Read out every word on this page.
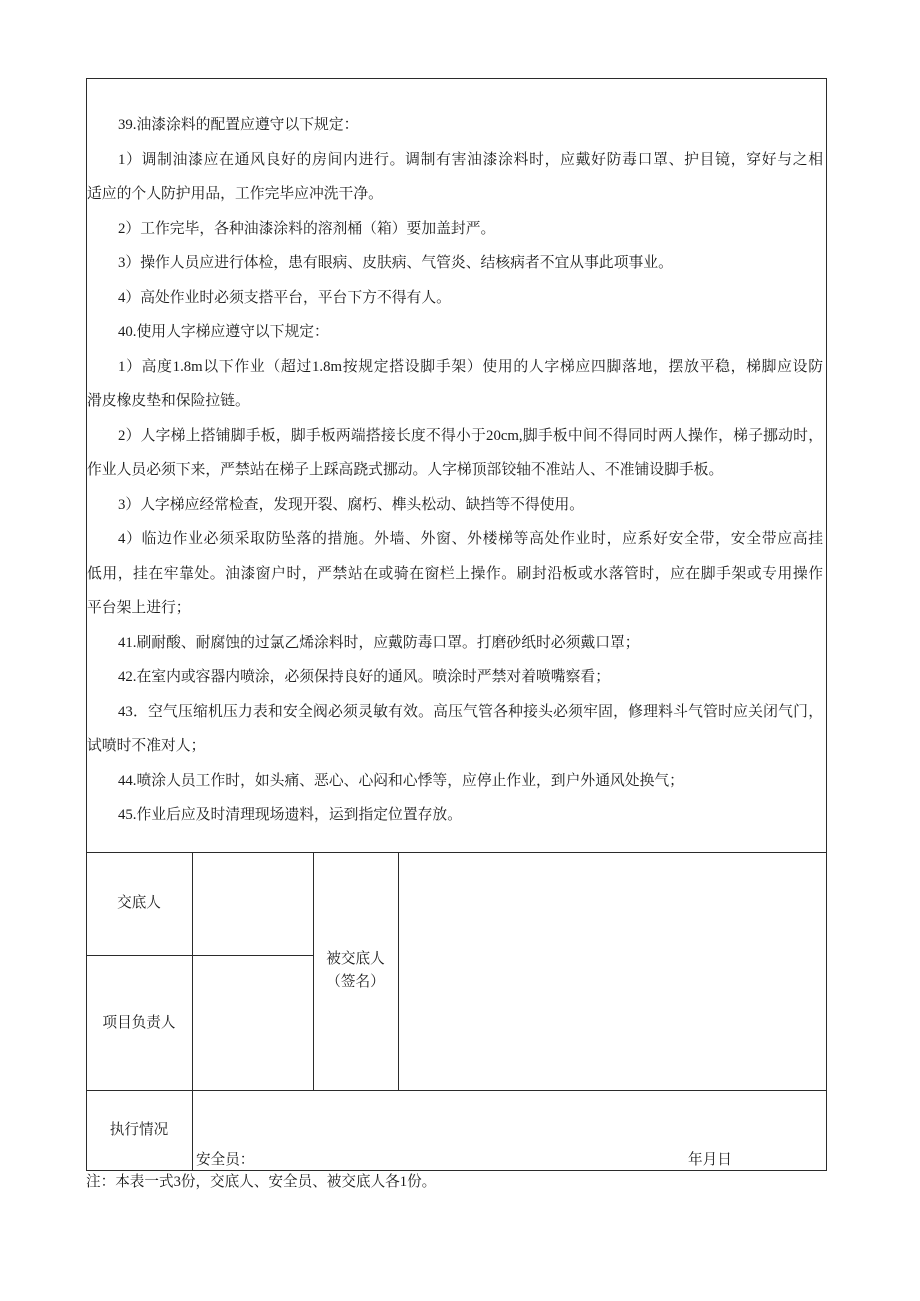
39.油漆涂料的配置应遵守以下规定：
1）调制油漆应在通风良好的房间内进行。调制有害油漆涂料时，应戴好防毒口罩、护目镜，穿好与之相
适应的个人防护用品，工作完毕应冲洗干净。
2）工作完毕，各种油漆涂料的溶剂桶（箱）要加盖封严。
3）操作人员应进行体检，患有眼病、皮肤病、气管炎、结核病者不宜从事此项事业。
4）高处作业时必须支搭平台，平台下方不得有人。
40.使用人字梯应遵守以下规定：
1）高度1.8m以下作业（超过1.8m按规定搭设脚手架）使用的人字梯应四脚落地，摆放平稳，梯脚应设防
滑皮橡皮垫和保险拉链。
2）人字梯上搭铺脚手板，脚手板两端搭接长度不得小于20cm,脚手板中间不得同时两人操作，梯子挪动时，
作业人员必须下来，严禁站在梯子上踩高跷式挪动。人字梯顶部铰轴不准站人、不准铺设脚手板。
3）人字梯应经常检查，发现开裂、腐朽、榫头松动、缺挡等不得使用。
4）临边作业必须采取防坠落的措施。外墙、外窗、外楼梯等高处作业时，应系好安全带，安全带应高挂
低用，挂在牢靠处。油漆窗户时，严禁站在或骑在窗栏上操作。刷封沿板或水落管时，应在脚手架或专用操作
平台架上进行；
41.刷耐酸、耐腐蚀的过氯乙烯涂料时，应戴防毒口罩。打磨砂纸时必须戴口罩；
42.在室内或容器内喷涂，必须保持良好的通风。喷涂时严禁对着喷嘴察看；
43．空气压缩机压力表和安全阀必须灵敏有效。高压气管各种接头必须牢固，修理料斗气管时应关闭气门，
试喷时不准对人；
44.喷涂人员工作时，如头痛、恶心、心闷和心悸等，应停止作业，到户外通风处换气；
45.作业后应及时清理现场遗料，运到指定位置存放。
交底人
项目负责人
被交底人
（签名）
执行情况
安全员：	年月日
注：本表一式3份，交底人、安全员、被交底人各1份。
